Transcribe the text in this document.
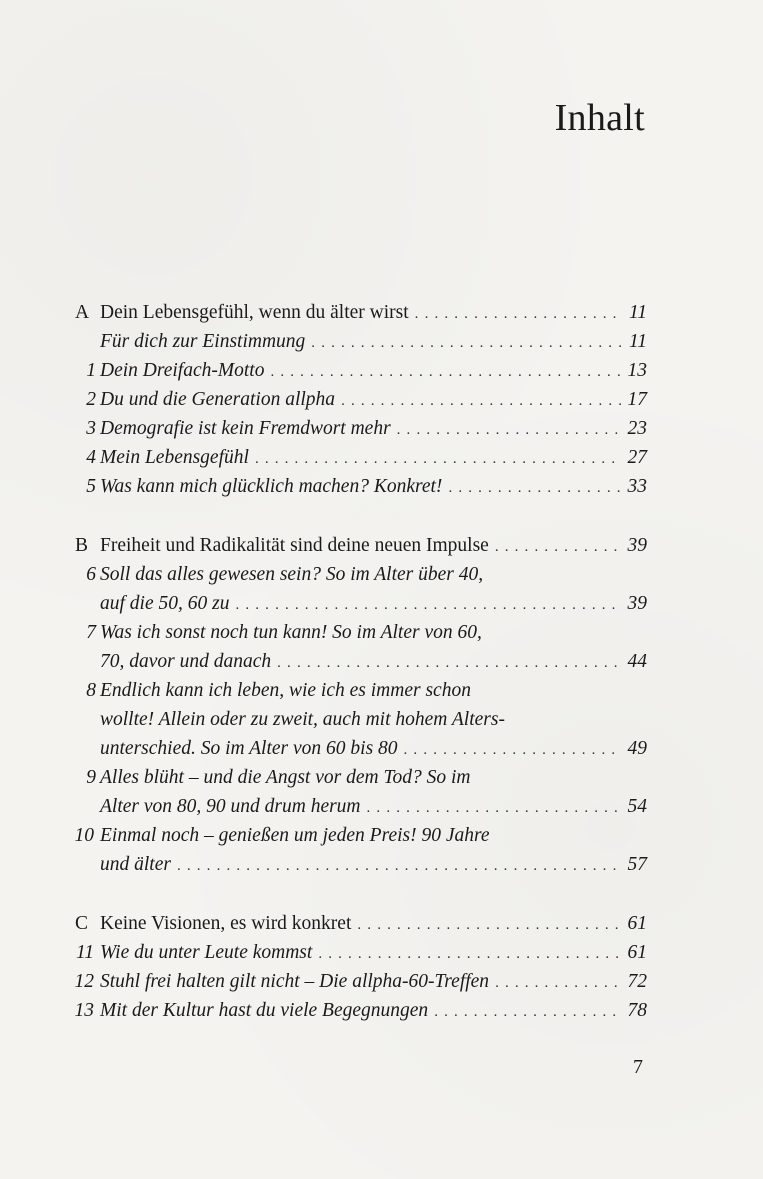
Inhalt
A Dein Lebensgefühl, wenn du älter wirst . . .	11
Für dich zur Einstimmung . . .	11
1 Dein Dreifach-Motto . . .	13
2 Du und die Generation allpha . . .	17
3 Demografie ist kein Fremdwort mehr . . .	23
4 Mein Lebensgefühl . . .	27
5 Was kann mich glücklich machen? Konkret! . . .	33
B Freiheit und Radikalität sind deine neuen Impulse . . .	39
6 Soll das alles gewesen sein? So im Alter über 40,
auf die 50, 60 zu . . .	39
7 Was ich sonst noch tun kann! So im Alter von 60,
70, davor und danach . . .	44
8 Endlich kann ich leben, wie ich es immer schon
wollte! Allein oder zu zweit, auch mit hohem Alters-
unterschied. So im Alter von 60 bis 80 . . .	49
9 Alles blüht – und die Angst vor dem Tod? So im
Alter von 80, 90 und drum herum . . .	54
10 Einmal noch – genießen um jeden Preis! 90 Jahre
und älter . . .	57
C Keine Visionen, es wird konkret . . .	61
11 Wie du unter Leute kommst . . .	61
12 Stuhl frei halten gilt nicht – Die allpha-60-Treffen . . .	72
13 Mit der Kultur hast du viele Begegnungen . . .	78
7
